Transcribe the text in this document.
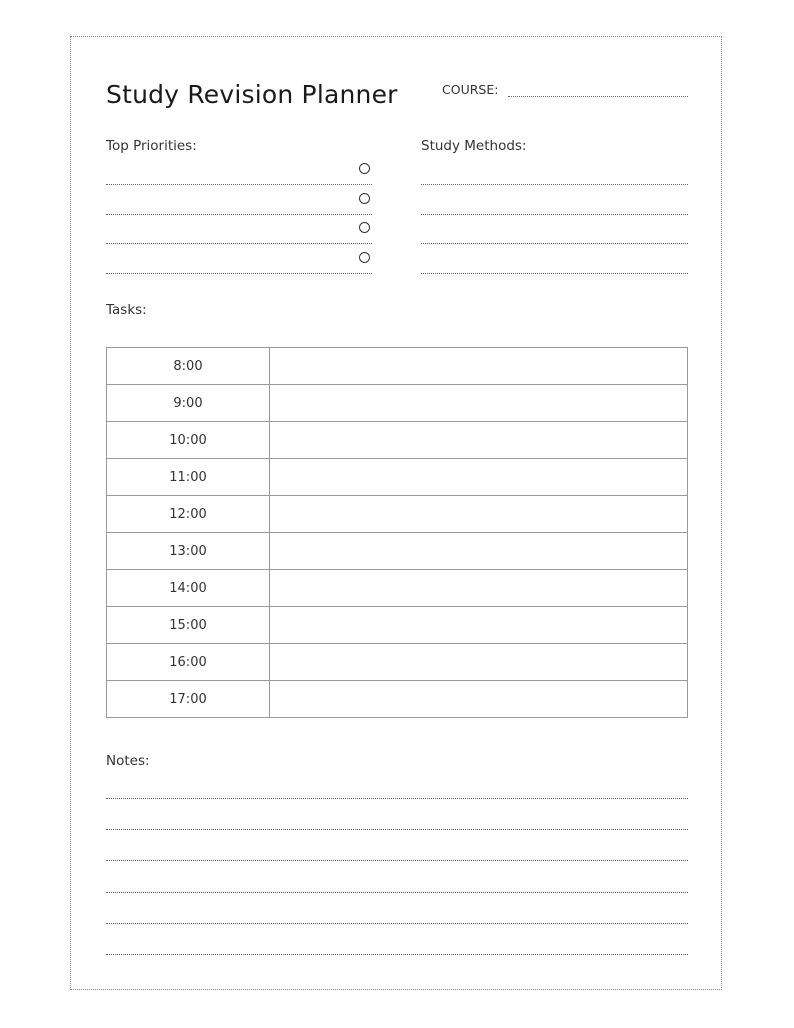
Study Revision Planner	COURSE:
Top Priorities:	Study Methods:
Tasks:
8:00	
9:00	
10:00	
11:00	
12:00	
13:00	
14:00	
15:00	
16:00	
17:00	
Notes:
